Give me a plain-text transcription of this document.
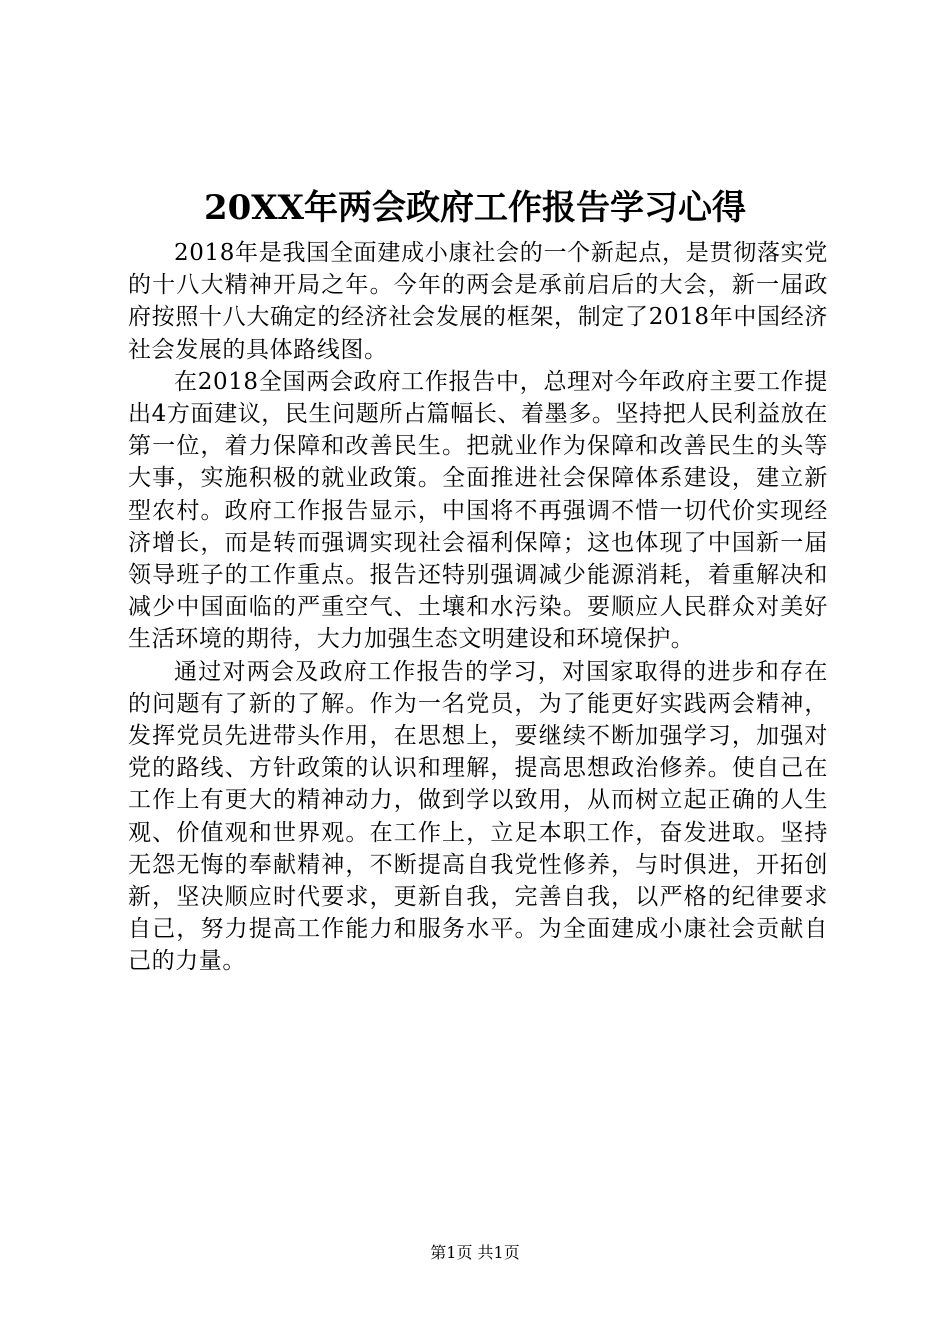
20XX年两会政府工作报告学习心得

2018年是我国全面建成小康社会的一个新起点，是贯彻落实党的十八大精神开局之年。今年的两会是承前启后的大会，新一届政府按照十八大确定的经济社会发展的框架，制定了2018年中国经济社会发展的具体路线图。

在2018全国两会政府工作报告中，总理对今年政府主要工作提出4方面建议，民生问题所占篇幅长、着墨多。坚持把人民利益放在第一位，着力保障和改善民生。把就业作为保障和改善民生的头等大事，实施积极的就业政策。全面推进社会保障体系建设，建立新型农村。政府工作报告显示，中国将不再强调不惜一切代价实现经济增长，而是转而强调实现社会福利保障；这也体现了中国新一届领导班子的工作重点。报告还特别强调减少能源消耗，着重解决和减少中国面临的严重空气、土壤和水污染。要顺应人民群众对美好生活环境的期待，大力加强生态文明建设和环境保护。

通过对两会及政府工作报告的学习，对国家取得的进步和存在的问题有了新的了解。作为一名党员，为了能更好实践两会精神，发挥党员先进带头作用，在思想上，要继续不断加强学习，加强对党的路线、方针政策的认识和理解，提高思想政治修养。使自己在工作上有更大的精神动力，做到学以致用，从而树立起正确的人生观、价值观和世界观。在工作上，立足本职工作，奋发进取。坚持无怨无悔的奉献精神，不断提高自我党性修养，与时俱进，开拓创新，坚决顺应时代要求，更新自我，完善自我，以严格的纪律要求自己，努力提高工作能力和服务水平。为全面建成小康社会贡献自己的力量。

第1页 共1页
